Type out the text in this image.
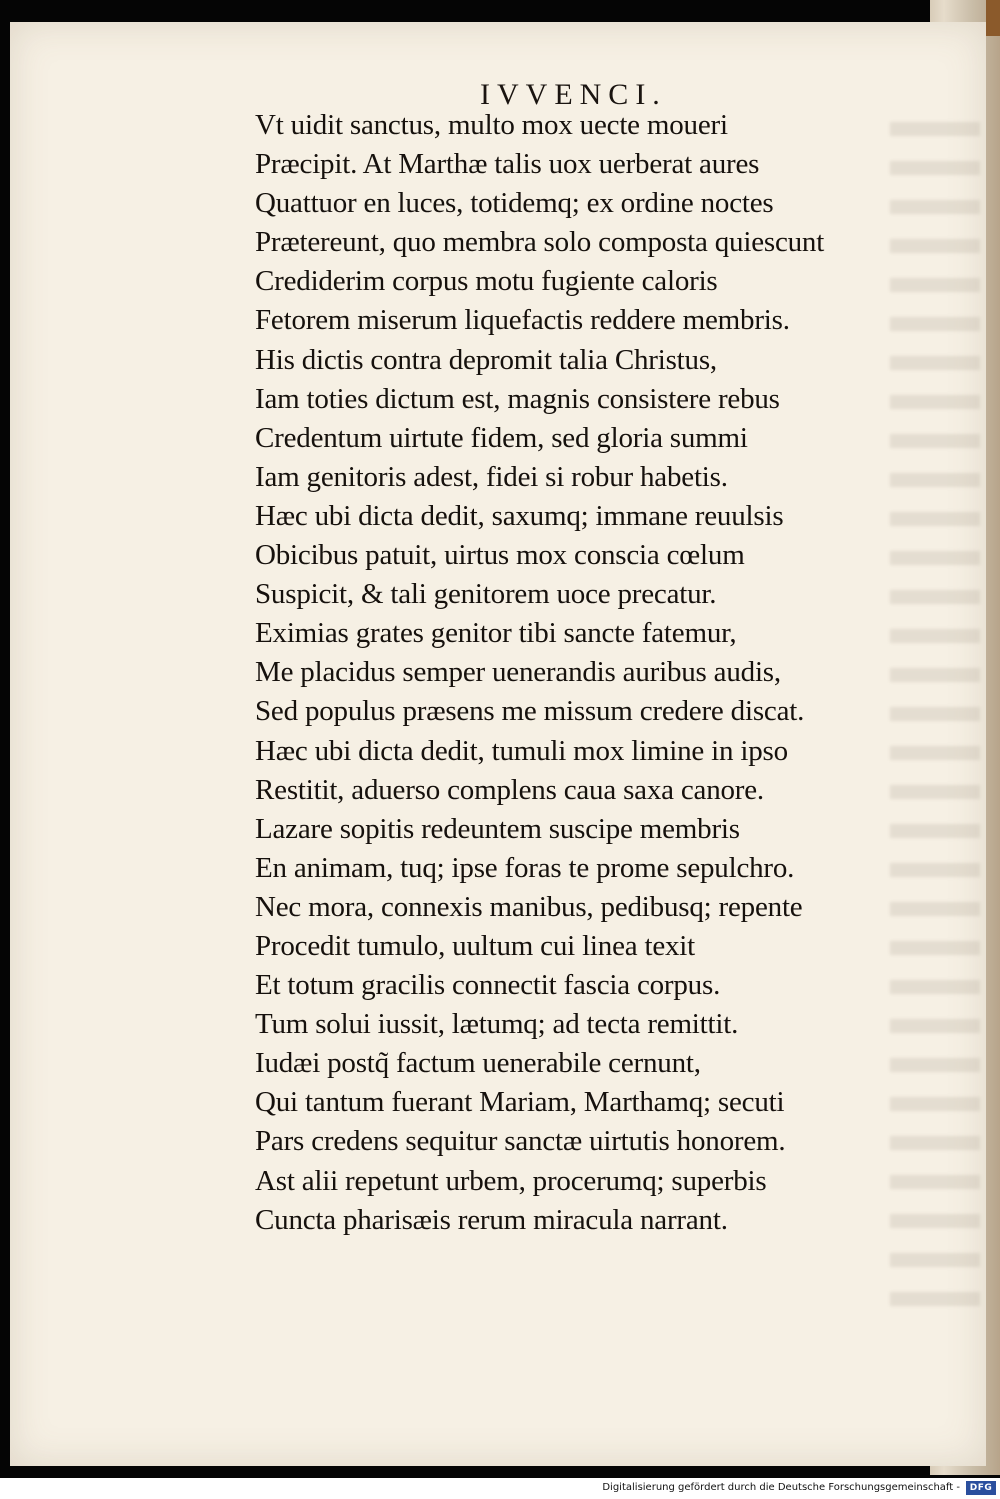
IVVENCI.
Vt uidit sanctus, multo mox uecte moueri
Præcipit. At Marthæ talis uox uerberat aures
Quattuor en luces, totidemq; ex ordine noctes
Prætereunt, quo membra solo composta quiescunt
Crediderim corpus motu fugiente caloris
Fetorem miserum liquefactis reddere membris.
His dictis contra depromit talia Christus,
Iam toties dictum est, magnis consistere rebus
Credentum uirtute fidem, sed gloria summi
Iam genitoris adest, fidei si robur habetis.
Hæc ubi dicta dedit, saxumq; immane reuulsis
Obicibus patuit, uirtus mox conscia cœlum
Suspicit, & tali genitorem uoce precatur.
Eximias grates genitor tibi sancte fatemur,
Me placidus semper uenerandis auribus audis,
Sed populus præsens me missum credere discat.
Hæc ubi dicta dedit, tumuli mox limine in ipso
Restitit, aduerso complens caua saxa canore.
Lazare sopitis redeuntem suscipe membris
En animam, tuq; ipse foras te prome sepulchro.
Nec mora, connexis manibus, pedibusq; repente
Procedit tumulo, uultum cui linea texit
Et totum gracilis connectit fascia corpus.
Tum solui iussit, lætumq; ad tecta remittit.
Iudæi postq̃ factum uenerabile cernunt,
Qui tantum fuerant Mariam, Marthamq; secuti
Pars credens sequitur sanctæ uirtutis honorem.
Ast alii repetunt urbem, procerumq; superbis
Cuncta pharisæis rerum miracula narrant.
Digitalisierung gefördert durch die Deutsche Forschungsgemeinschaft -	DFG
